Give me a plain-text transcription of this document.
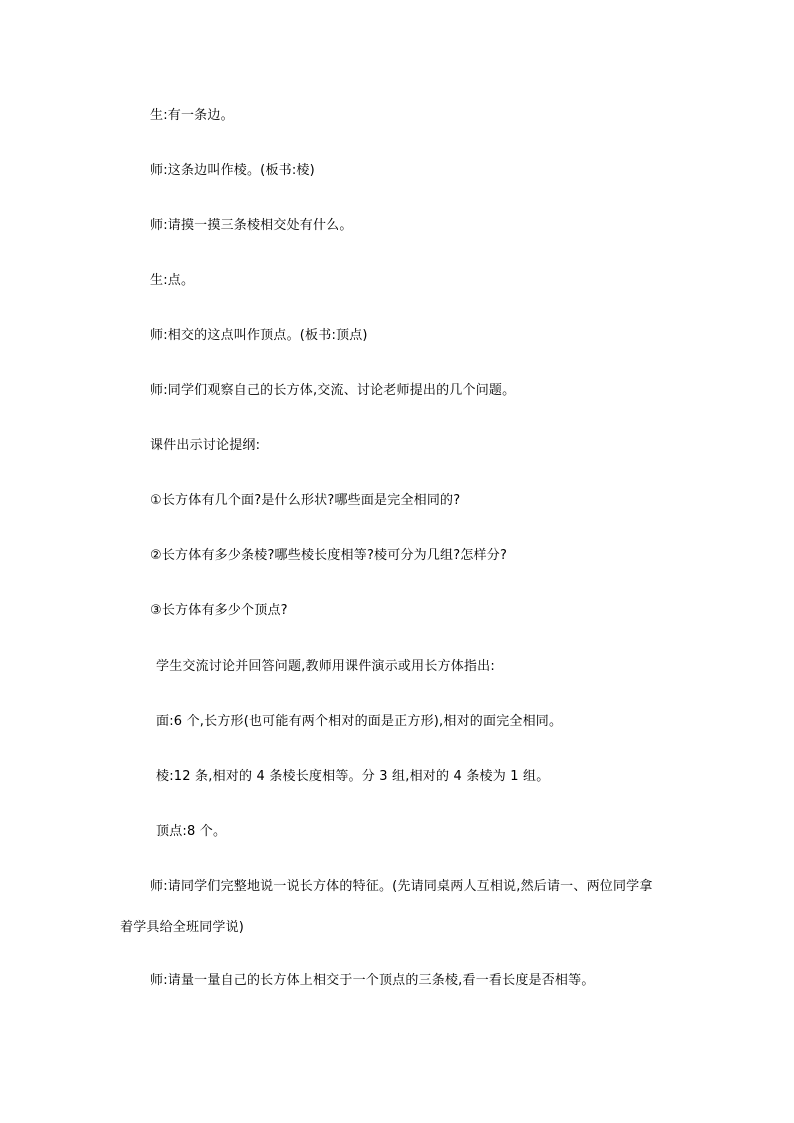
生:有一条边。
师:这条边叫作棱。(板书:棱)
师:请摸一摸三条棱相交处有什么。
生:点。
师:相交的这点叫作顶点。(板书:顶点)
师:同学们观察自己的长方体,交流、讨论老师提出的几个问题。
课件出示讨论提纲:
①长方体有几个面?是什么形状?哪些面是完全相同的?
②长方体有多少条棱?哪些棱长度相等?棱可分为几组?怎样分?
③长方体有多少个顶点?
学生交流讨论并回答问题,教师用课件演示或用长方体指出:
面:6 个,长方形(也可能有两个相对的面是正方形),相对的面完全相同。
棱:12 条,相对的 4 条棱长度相等。分 3 组,相对的 4 条棱为 1 组。
顶点:8 个。
师:请同学们完整地说一说长方体的特征。(先请同桌两人互相说,然后请一、两位同学拿
着学具给全班同学说)
师:请量一量自己的长方体上相交于一个顶点的三条棱,看一看长度是否相等。
